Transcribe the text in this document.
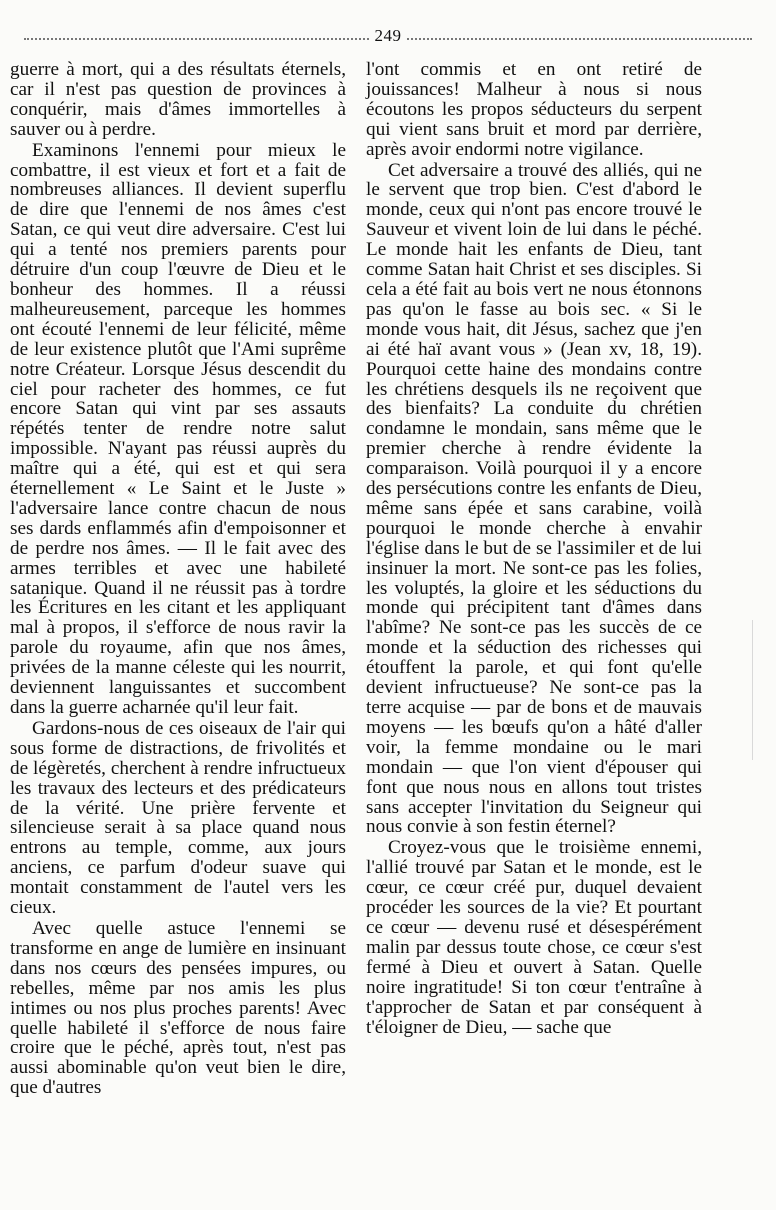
249

guerre à mort, qui a des résultats éternels, car il n'est pas question de provinces à conquérir, mais d'âmes immortelles à sauver ou à perdre.

Examinons l'ennemi pour mieux le combattre, il est vieux et fort et a fait de nombreuses alliances. Il devient superflu de dire que l'ennemi de nos âmes c'est Satan, ce qui veut dire adversaire. C'est lui qui a tenté nos premiers parents pour détruire d'un coup l'œuvre de Dieu et le bonheur des hommes. Il a réussi malheureusement, parceque les hommes ont écouté l'ennemi de leur félicité, même de leur existence plutôt que l'Ami suprême notre Créateur. Lorsque Jésus descendit du ciel pour racheter des hommes, ce fut encore Satan qui vint par ses assauts répétés tenter de rendre notre salut impossible. N'ayant pas réussi auprès du maître qui a été, qui est et qui sera éternellement « Le Saint et le Juste » l'adversaire lance contre chacun de nous ses dards enflammés afin d'empoisonner et de perdre nos âmes. — Il le fait avec des armes terribles et avec une habileté satanique. Quand il ne réussit pas à tordre les Écritures en les citant et les appliquant mal à propos, il s'efforce de nous ravir la parole du royaume, afin que nos âmes, privées de la manne céleste qui les nourrit, deviennent languissantes et succombent dans la guerre acharnée qu'il leur fait.

Gardons-nous de ces oiseaux de l'air qui sous forme de distractions, de frivolités et de légèretés, cherchent à rendre infructueux les travaux des lecteurs et des prédicateurs de la vérité. Une prière fervente et silencieuse serait à sa place quand nous entrons au temple, comme, aux jours anciens, ce parfum d'odeur suave qui montait constamment de l'autel vers les cieux.

Avec quelle astuce l'ennemi se transforme en ange de lumière en insinuant dans nos cœurs des pensées impures, ou rebelles, même par nos amis les plus intimes ou nos plus proches parents! Avec quelle habileté il s'efforce de nous faire croire que le péché, après tout, n'est pas aussi abominable qu'on veut bien le dire, que d'autres

l'ont commis et en ont retiré de jouissances! Malheur à nous si nous écoutons les propos séducteurs du serpent qui vient sans bruit et mord par derrière, après avoir endormi notre vigilance.

Cet adversaire a trouvé des alliés, qui ne le servent que trop bien. C'est d'abord le monde, ceux qui n'ont pas encore trouvé le Sauveur et vivent loin de lui dans le péché. Le monde hait les enfants de Dieu, tant comme Satan hait Christ et ses disciples. Si cela a été fait au bois vert ne nous étonnons pas qu'on le fasse au bois sec. « Si le monde vous hait, dit Jésus, sachez que j'en ai été haï avant vous » (Jean xv, 18, 19). Pourquoi cette haine des mondains contre les chrétiens desquels ils ne reçoivent que des bienfaits? La conduite du chrétien condamne le mondain, sans même que le premier cherche à rendre évidente la comparaison. Voilà pourquoi il y a encore des persécutions contre les enfants de Dieu, même sans épée et sans carabine, voilà pourquoi le monde cherche à envahir l'église dans le but de se l'assimiler et de lui insinuer la mort. Ne sont-ce pas les folies, les voluptés, la gloire et les séductions du monde qui précipitent tant d'âmes dans l'abîme? Ne sont-ce pas les succès de ce monde et la séduction des richesses qui étouffent la parole, et qui font qu'elle devient infructueuse? Ne sont-ce pas la terre acquise — par de bons et de mauvais moyens — les bœufs qu'on a hâté d'aller voir, la femme mondaine ou le mari mondain — que l'on vient d'épouser qui font que nous nous en allons tout tristes sans accepter l'invitation du Seigneur qui nous convie à son festin éternel?

Croyez-vous que le troisième ennemi, l'allié trouvé par Satan et le monde, est le cœur, ce cœur créé pur, duquel devaient procéder les sources de la vie? Et pourtant ce cœur — devenu rusé et désespérément malin par dessus toute chose, ce cœur s'est fermé à Dieu et ouvert à Satan. Quelle noire ingratitude! Si ton cœur t'entraîne à t'approcher de Satan et par conséquent à t'éloigner de Dieu, — sache que
